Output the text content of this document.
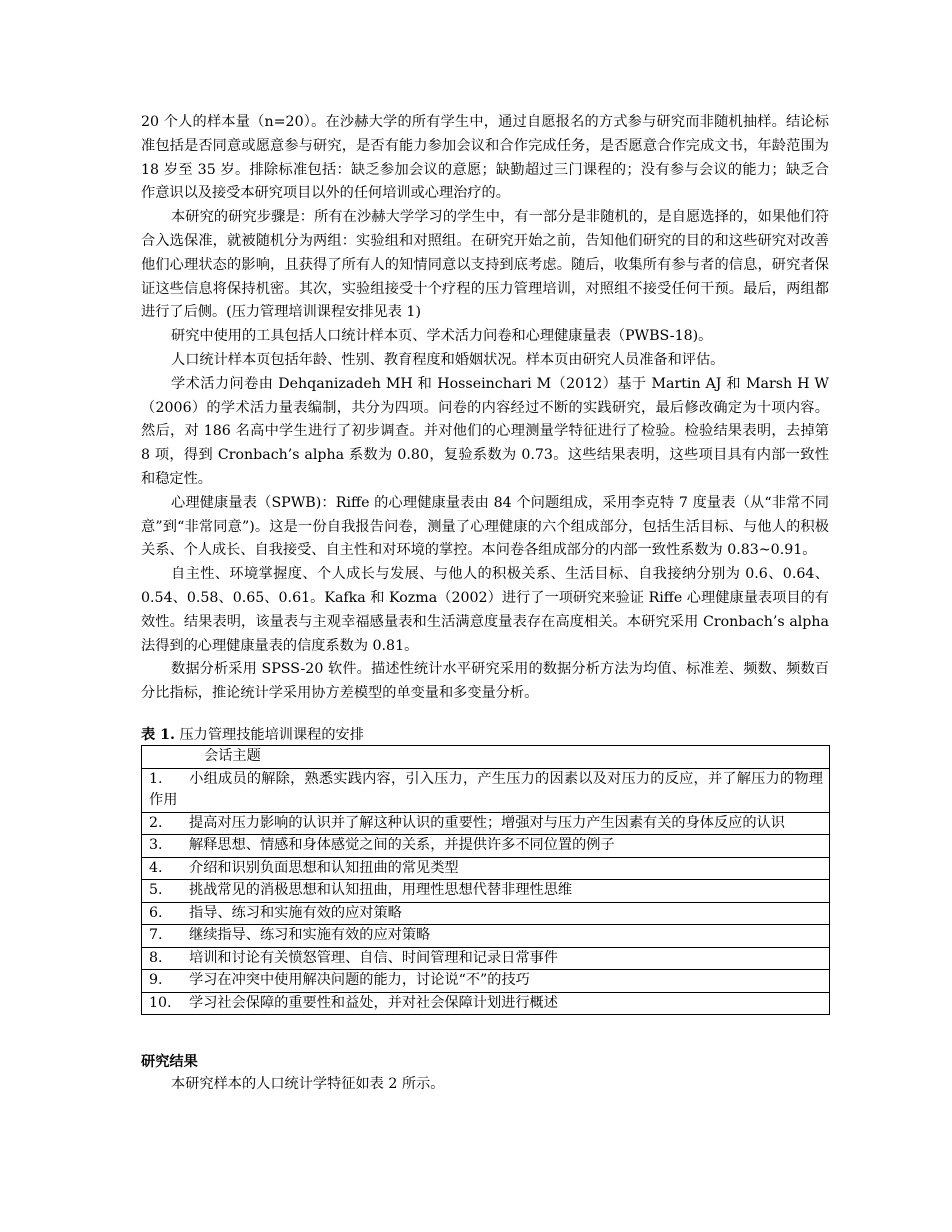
20 个人的样本量（n=20）。在沙赫大学的所有学生中，通过自愿报名的方式参与研究而非随机抽样。结论标准包括是否同意或愿意参与研究，是否有能力参加会议和合作完成任务，是否愿意合作完成文书，年龄范围为 18 岁至 35 岁。排除标准包括：缺乏参加会议的意愿；缺勤超过三门课程的；没有参与会议的能力；缺乏合作意识以及接受本研究项目以外的任何培训或心理治疗的。

本研究的研究步骤是：所有在沙赫大学学习的学生中，有一部分是非随机的，是自愿选择的，如果他们符合入选保准，就被随机分为两组：实验组和对照组。在研究开始之前，告知他们研究的目的和这些研究对改善他们心理状态的影响，且获得了所有人的知情同意以支持到底考虑。随后，收集所有参与者的信息，研究者保证这些信息将保持机密。其次，实验组接受十个疗程的压力管理培训，对照组不接受任何干预。最后，两组都进行了后侧。(压力管理培训课程安排见表 1)

研究中使用的工具包括人口统计样本页、学术活力问卷和心理健康量表（PWBS-18)。

人口统计样本页包括年龄、性别、教育程度和婚姻状况。样本页由研究人员准备和评估。

学术活力问卷由 Dehqanizadeh MH 和 Hosseinchari M（2012）基于 Martin AJ 和 Marsh H W（2006）的学术活力量表编制，共分为四项。问卷的内容经过不断的实践研究，最后修改确定为十项内容。然后，对 186 名高中学生进行了初步调查。并对他们的心理测量学特征进行了检验。检验结果表明，去掉第 8 项，得到 Cronbach’s alpha 系数为 0.80，复验系数为 0.73。这些结果表明，这些项目具有内部一致性和稳定性。

心理健康量表（SPWB)：Riffe 的心理健康量表由 84 个问题组成，采用李克特 7 度量表（从“非常不同意”到“非常同意”)。这是一份自我报告问卷，测量了心理健康的六个组成部分，包括生活目标、与他人的积极关系、个人成长、自我接受、自主性和对环境的掌控。本问卷各组成部分的内部一致性系数为 0.83~0.91。

自主性、环境掌握度、个人成长与发展、与他人的积极关系、生活目标、自我接纳分别为 0.6、0.64、0.54、0.58、0.65、0.61。Kafka 和 Kozma（2002）进行了一项研究来验证 Riffe 心理健康量表项目的有效性。结果表明，该量表与主观幸福感量表和生活满意度量表存在高度相关。本研究采用 Cronbach’s alpha 法得到的心理健康量表的信度系数为 0.81。

数据分析采用 SPSS-20 软件。描述性统计水平研究采用的数据分析方法为均值、标准差、频数、频数百分比指标，推论统计学采用协方差模型的单变量和多变量分析。

表 1. 压力管理技能培训课程的安排
会话主题
1. 小组成员的解除，熟悉实践内容，引入压力，产生压力的因素以及对压力的反应，并了解压力的物理作用
2. 提高对压力影响的认识并了解这种认识的重要性；增强对与压力产生因素有关的身体反应的认识
3. 解释思想、情感和身体感觉之间的关系，并提供许多不同位置的例子
4. 介绍和识别负面思想和认知扭曲的常见类型
5. 挑战常见的消极思想和认知扭曲，用理性思想代替非理性思维
6. 指导、练习和实施有效的应对策略
7. 继续指导、练习和实施有效的应对策略
8. 培训和讨论有关愤怒管理、自信、时间管理和记录日常事件
9. 学习在冲突中使用解决问题的能力，讨论说“不”的技巧
10. 学习社会保障的重要性和益处，并对社会保障计划进行概述
研究结果
本研究样本的人口统计学特征如表 2 所示。
